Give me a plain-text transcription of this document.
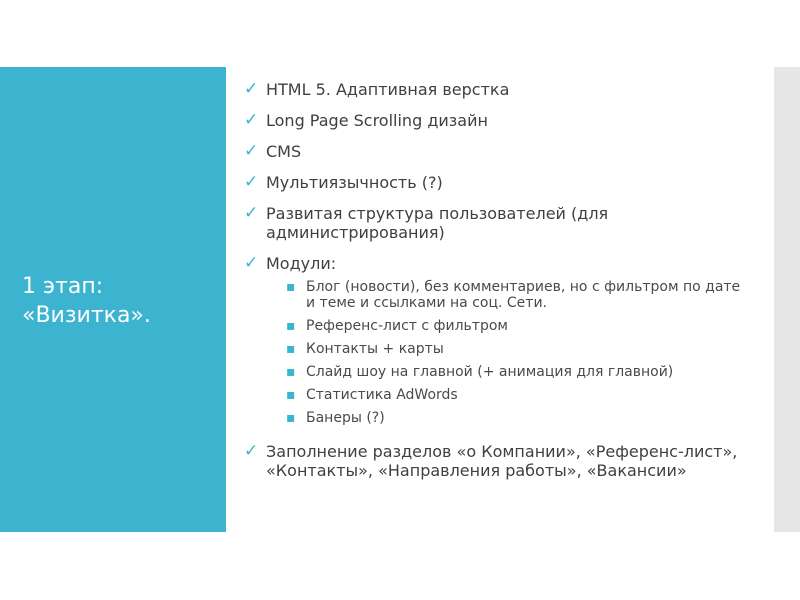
1 этап:
«Визитка».
✓ HTML 5. Адаптивная верстка
✓ Long Page Scrolling дизайн
✓ CMS
✓ Мультиязычность (?)
✓ Развитая структура пользователей (для администрирования)
✓ Модули:
▪ Блог (новости), без комментариев, но с фильтром по дате и теме и ссылками на соц. Сети.
▪ Референс-лист с фильтром
▪ Контакты + карты
▪ Слайд шоу на главной (+ анимация для главной)
▪ Статистика AdWords
▪ Банеры (?)
✓ Заполнение разделов «о Компании», «Референс-лист», «Контакты», «Направления работы», «Вакансии»
